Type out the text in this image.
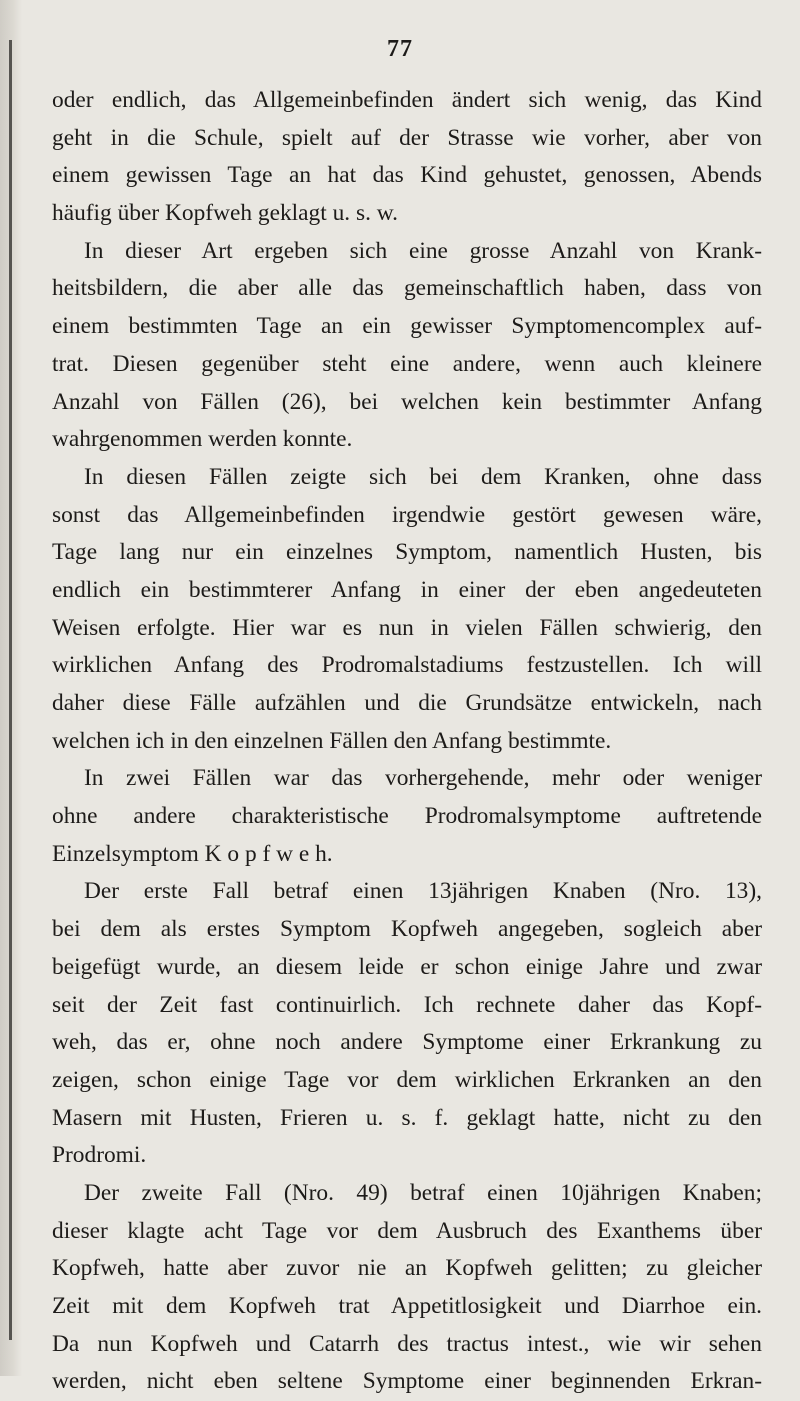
77
oder endlich, das Allgemeinbefinden ändert sich wenig, das Kind
geht in die Schule, spielt auf der Strasse wie vorher, aber von
einem gewissen Tage an hat das Kind gehustet, genossen, Abends
häufig über Kopfweh geklagt u. s. w.
In dieser Art ergeben sich eine grosse Anzahl von Krank-
heitsbildern, die aber alle das gemeinschaftlich haben, dass von
einem bestimmten Tage an ein gewisser Symptomencomplex auf-
trat. Diesen gegenüber steht eine andere, wenn auch kleinere
Anzahl von Fällen (26), bei welchen kein bestimmter Anfang
wahrgenommen werden konnte.
In diesen Fällen zeigte sich bei dem Kranken, ohne dass
sonst das Allgemeinbefinden irgendwie gestört gewesen wäre,
Tage lang nur ein einzelnes Symptom, namentlich Husten, bis
endlich ein bestimmterer Anfang in einer der eben angedeuteten
Weisen erfolgte. Hier war es nun in vielen Fällen schwierig, den
wirklichen Anfang des Prodromalstadiums festzustellen. Ich will
daher diese Fälle aufzählen und die Grundsätze entwickeln, nach
welchen ich in den einzelnen Fällen den Anfang bestimmte.
In zwei Fällen war das vorhergehende, mehr oder weniger
ohne andere charakteristische Prodromalsymptome auftretende
Einzelsymptom K o p f w e h.
Der erste Fall betraf einen 13jährigen Knaben (Nro. 13),
bei dem als erstes Symptom Kopfweh angegeben, sogleich aber
beigefügt wurde, an diesem leide er schon einige Jahre und zwar
seit der Zeit fast continuirlich. Ich rechnete daher das Kopf-
weh, das er, ohne noch andere Symptome einer Erkrankung zu
zeigen, schon einige Tage vor dem wirklichen Erkranken an den
Masern mit Husten, Frieren u. s. f. geklagt hatte, nicht zu den
Prodromi.
Der zweite Fall (Nro. 49) betraf einen 10jährigen Knaben;
dieser klagte acht Tage vor dem Ausbruch des Exanthems über
Kopfweh, hatte aber zuvor nie an Kopfweh gelitten; zu gleicher
Zeit mit dem Kopfweh trat Appetitlosigkeit und Diarrhoe ein.
Da nun Kopfweh und Catarrh des tractus intest., wie wir sehen
werden, nicht eben seltene Symptome einer beginnenden Erkran-
